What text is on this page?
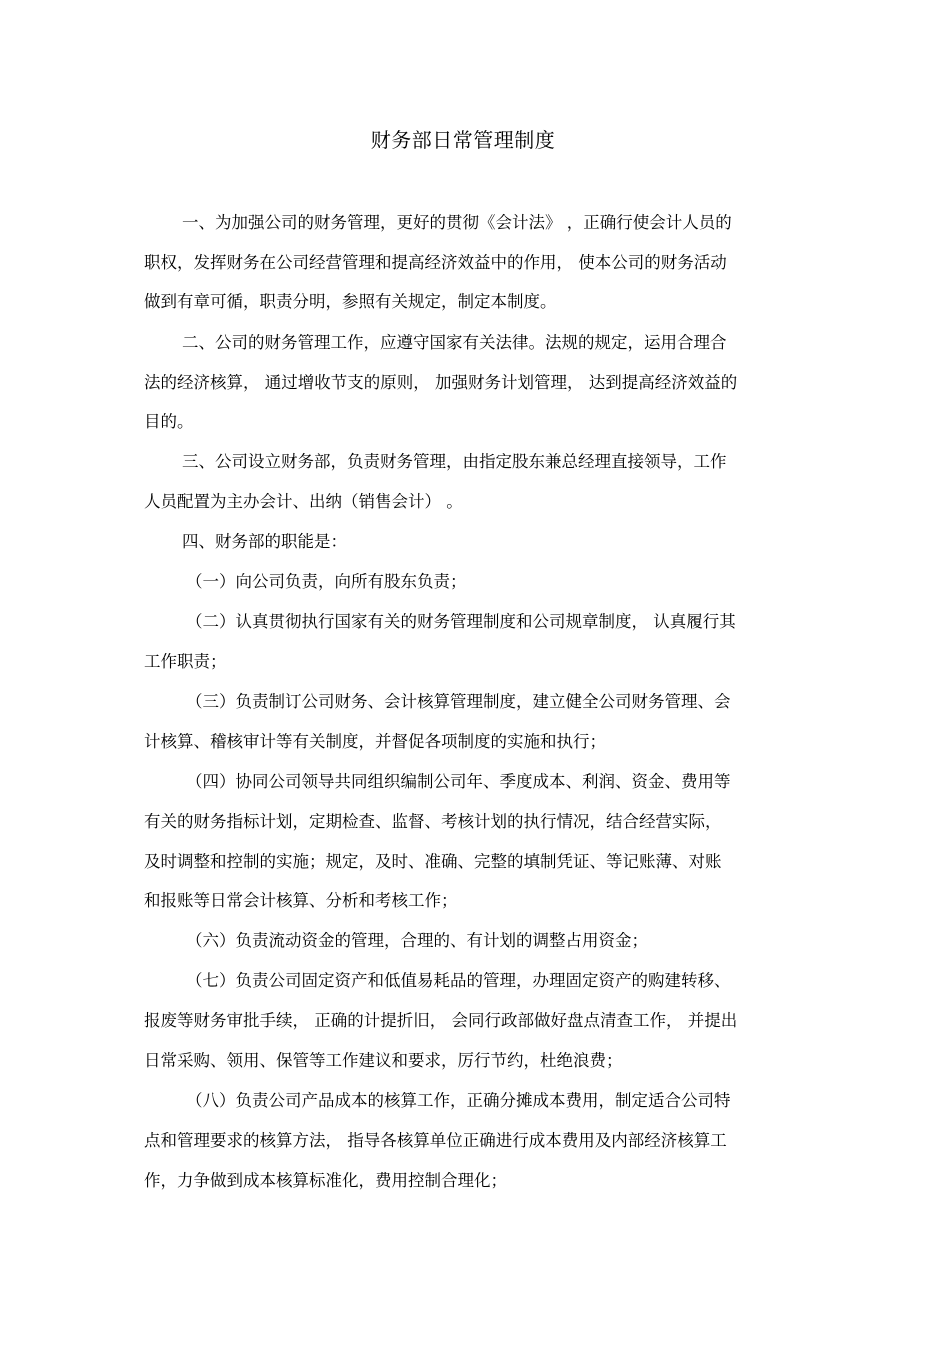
财务部日常管理制度
一、为加强公司的财务管理，更好的贯彻《会计法》 ，正确行使会计人员的
职权，发挥财务在公司经营管理和提高经济效益中的作用， 使本公司的财务活动
做到有章可循，职责分明，参照有关规定，制定本制度。
二、公司的财务管理工作，应遵守国家有关法律。法规的规定，运用合理合
法的经济核算， 通过增收节支的原则， 加强财务计划管理， 达到提高经济效益的
目的。
三、公司设立财务部，负责财务管理，由指定股东兼总经理直接领导，工作
人员配置为主办会计、出纳（销售会计） 。
四、财务部的职能是：
（一）向公司负责，向所有股东负责；
（二）认真贯彻执行国家有关的财务管理制度和公司规章制度， 认真履行其
工作职责；
（三）负责制订公司财务、会计核算管理制度，建立健全公司财务管理、会
计核算、稽核审计等有关制度，并督促各项制度的实施和执行；
（四）协同公司领导共同组织编制公司年、季度成本、利润、资金、费用等
有关的财务指标计划，定期检查、监督、考核计划的执行情况，结合经营实际，
及时调整和控制的实施；规定，及时、准确、完整的填制凭证、等记账薄、对账
和报账等日常会计核算、分析和考核工作；
（六）负责流动资金的管理，合理的、有计划的调整占用资金；
（七）负责公司固定资产和低值易耗品的管理，办理固定资产的购建转移、
报废等财务审批手续， 正确的计提折旧， 会同行政部做好盘点清查工作， 并提出
日常采购、领用、保管等工作建议和要求，厉行节约，杜绝浪费；
（八）负责公司产品成本的核算工作，正确分摊成本费用，制定适合公司特
点和管理要求的核算方法， 指导各核算单位正确进行成本费用及内部经济核算工
作，力争做到成本核算标准化，费用控制合理化；
